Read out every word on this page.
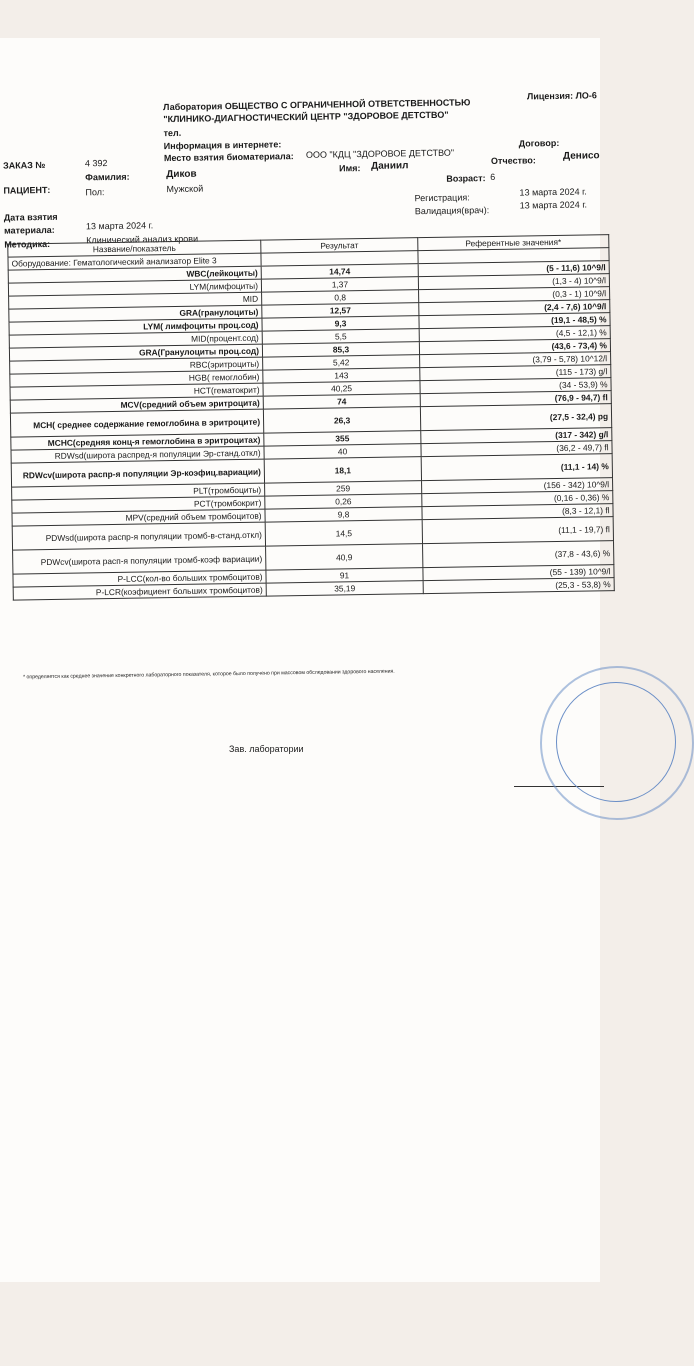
Лаборатория ОБЩЕСТВО С ОГРАНИЧЕННОЙ ОТВЕТСТВЕННОСТЬЮ
"КЛИНИКО-ДИАГНОСТИЧЕСКИЙ ЦЕНТР "ЗДОРОВОЕ ДЕТСТВО"
Лицензия: ЛО-6
тел.
Информация в интернете:
Место взятия биоматериала: ООО "КДЦ "ЗДОРОВОЕ ДЕТСТВО"
Договор:
ЗАКАЗ №	4 392
Фамилия:	Диков
Имя: Даниил	Отчество:	Денисо
ПАЦИЕНТ:	Пол:	Мужской
Возраст: 6
Дата взятия
материала:	13 марта 2024 г.
Регистрация:
13 марта 2024 г.
Валидация(врач):
13 марта 2024 г.
Методика:	Клинический анализ крови
Название/показатель	Результат	Референтные значения*
Оборудование: Гематологический анализатор Elite 3		
WBC(лейкоциты)	14,74	(5 - 11,6) 10^9/l
LYM(лимфоциты)	1,37	(1,3 - 4) 10^9/l
MID	0,8	(0,3 - 1) 10^9/l
GRA(гранулоциты)	12,57	(2,4 - 7,6) 10^9/l
LYM( лимфоциты проц.сод)	9,3	(19,1 - 48,5) %
MID(процент.сод)	5,5	(4,5 - 12,1) %
GRA(Гранулоциты проц.сод)	85,3	(43,6 - 73,4) %
RBC(эритроциты)	5,42	(3,79 - 5,78) 10^12/l
HGB( гемоглобин)	143	(115 - 173) g/l
HCT(гематокрит)	40,25	(34 - 53,9) %
MCV(средний объем эритроцита)	74	(76,9 - 94,7) fl
MCH( среднее содержание гемоглобина в эритроците)	26,3	(27,5 - 32,4) pg
MCHC(средняя конц-я гемоглобина в эритроцитах)	355	(317 - 342) g/l
RDWsd(широта распред-я популяции Эр-станд.откл)	40	(36,2 - 49,7) fl
RDWcv(широта распр-я популяции Эр-коэфиц.вариации)	18,1	(11,1 - 14) %
PLT(тромбоциты)	259	(156 - 342) 10^9/l
PCT(тромбокрит)	0,26	(0,16 - 0,36) %
MPV(средний объем тромбоцитов)	9,8	(8,3 - 12,1) fl
PDWsd(широта распр-я популяции тромб-в-станд.откл)	14,5	(11,1 - 19,7) fl
PDWcv(широта расп-я популяции тромб-коэф вариации)	40,9	(37,8 - 43,6) %
P-LCC(кол-во больших тромбоцитов)	91	(55 - 139) 10^9/l
P-LCR(коэфициент больших тромбоцитов)	35,19	(25,3 - 53,8) %
* определяется как среднее значение конкретного лабораторного показателя, которое было получено при массовом обследовании здорового населения.
Зав. лаборатории
